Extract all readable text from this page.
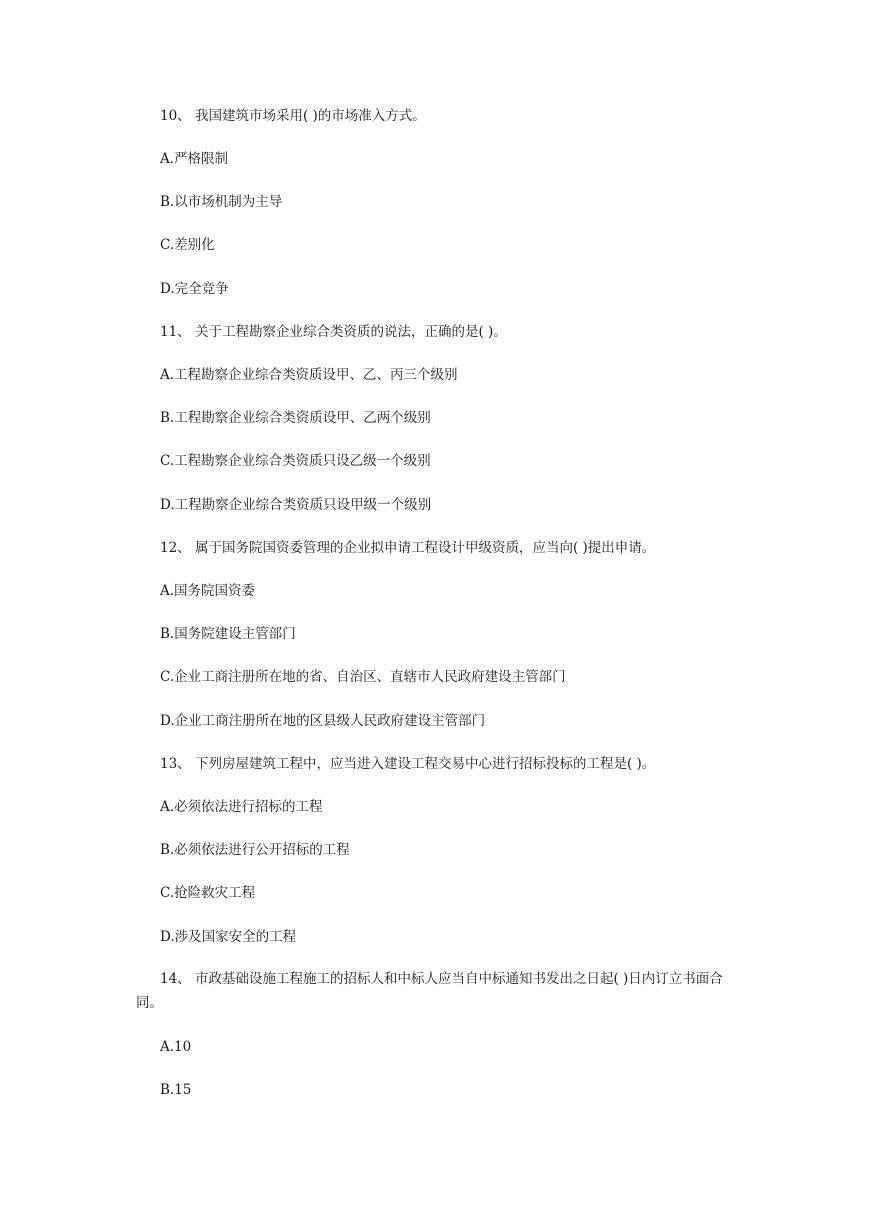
10、 我国建筑市场采用( )的市场准入方式。
A.严格限制
B.以市场机制为主导
C.差别化
D.完全竞争
11、 关于工程勘察企业综合类资质的说法，正确的是( )。
A.工程勘察企业综合类资质设甲、乙、丙三个级别
B.工程勘察企业综合类资质设甲、乙两个级别
C.工程勘察企业综合类资质只设乙级一个级别
D.工程勘察企业综合类资质只设甲级一个级别
12、 属于国务院国资委管理的企业拟申请工程设计甲级资质，应当向( )提出申请。
A.国务院国资委
B.国务院建设主管部门
C.企业工商注册所在地的省、自治区、直辖市人民政府建设主管部门
D.企业工商注册所在地的区县级人民政府建设主管部门
13、 下列房屋建筑工程中，应当进入建设工程交易中心进行招标投标的工程是( )。
A.必须依法进行招标的工程
B.必须依法进行公开招标的工程
C.抢险救灾工程
D.涉及国家安全的工程
14、 市政基础设施工程施工的招标人和中标人应当自中标通知书发出之日起( )日内订立书面合同。
A.10
B.15
